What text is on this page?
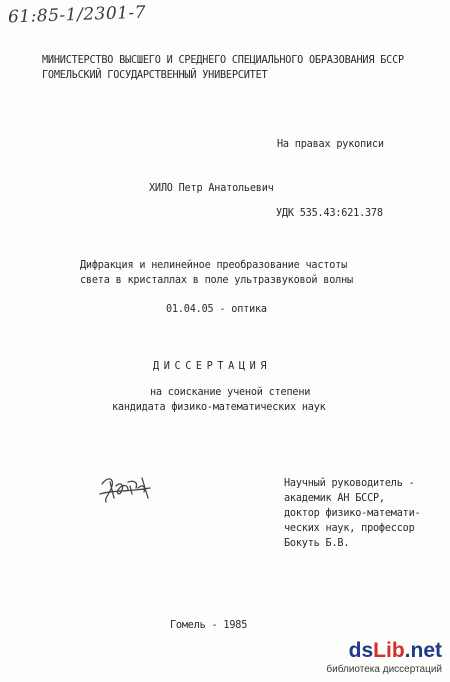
61:85-1/2301-7
МИНИСТЕРСТВО ВЫСШЕГО И СРЕДНЕГО СПЕЦИАЛЬНОГО ОБРАЗОВАНИЯ БССР
ГОМЕЛЬСКИЙ ГОСУДАРСТВЕННЫЙ УНИВЕРСИТЕТ
На правах рукописи
ХИЛО Петр Анатольевич
УДК 535.43:621.378
Дифракция и нелинейное преобразование частоты
света в кристаллах в поле ультразвуковой волны
01.04.05 - оптика
ДИССЕРТАЦИЯ
на соискание ученой степени
кандидата физико-математических наук
Научный руководитель -
академик АН БССР,
доктор физико-математи-
ческих наук, профессор
Бокуть Б.В.
Гомель - 1985
dsLib.net
библиотека диссертаций
